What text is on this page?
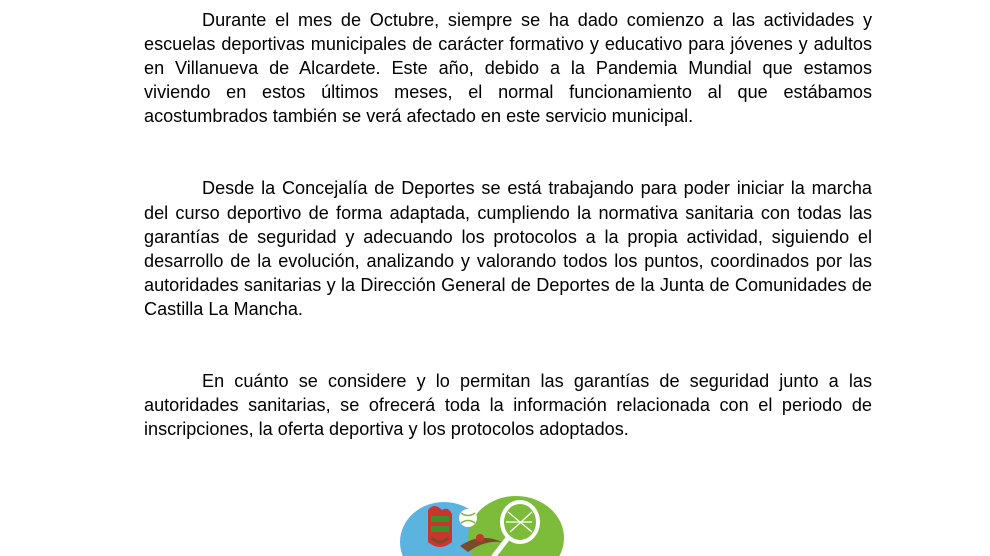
Durante el mes de Octubre, siempre se ha dado comienzo a las actividades y escuelas deportivas municipales de carácter formativo y educativo para jóvenes y adultos en Villanueva de Alcardete. Este año, debido a la Pandemia Mundial que estamos viviendo en estos últimos meses, el normal funcionamiento al que estábamos acostumbrados también se verá afectado en este servicio municipal.

Desde la Concejalía de Deportes se está trabajando para poder iniciar la marcha del curso deportivo de forma adaptada, cumpliendo la normativa sanitaria con todas las garantías de seguridad y adecuando los protocolos a la propia actividad, siguiendo el desarrollo de la evolución, analizando y valorando todos los puntos, coordinados por las autoridades sanitarias y la Dirección General de Deportes de la Junta de Comunidades de Castilla La Mancha.

En cuánto se considere y lo permitan las garantías de seguridad junto a las autoridades sanitarias, se ofrecerá toda la información relacionada con el periodo de inscripciones, la oferta deportiva y los protocolos adoptados.
